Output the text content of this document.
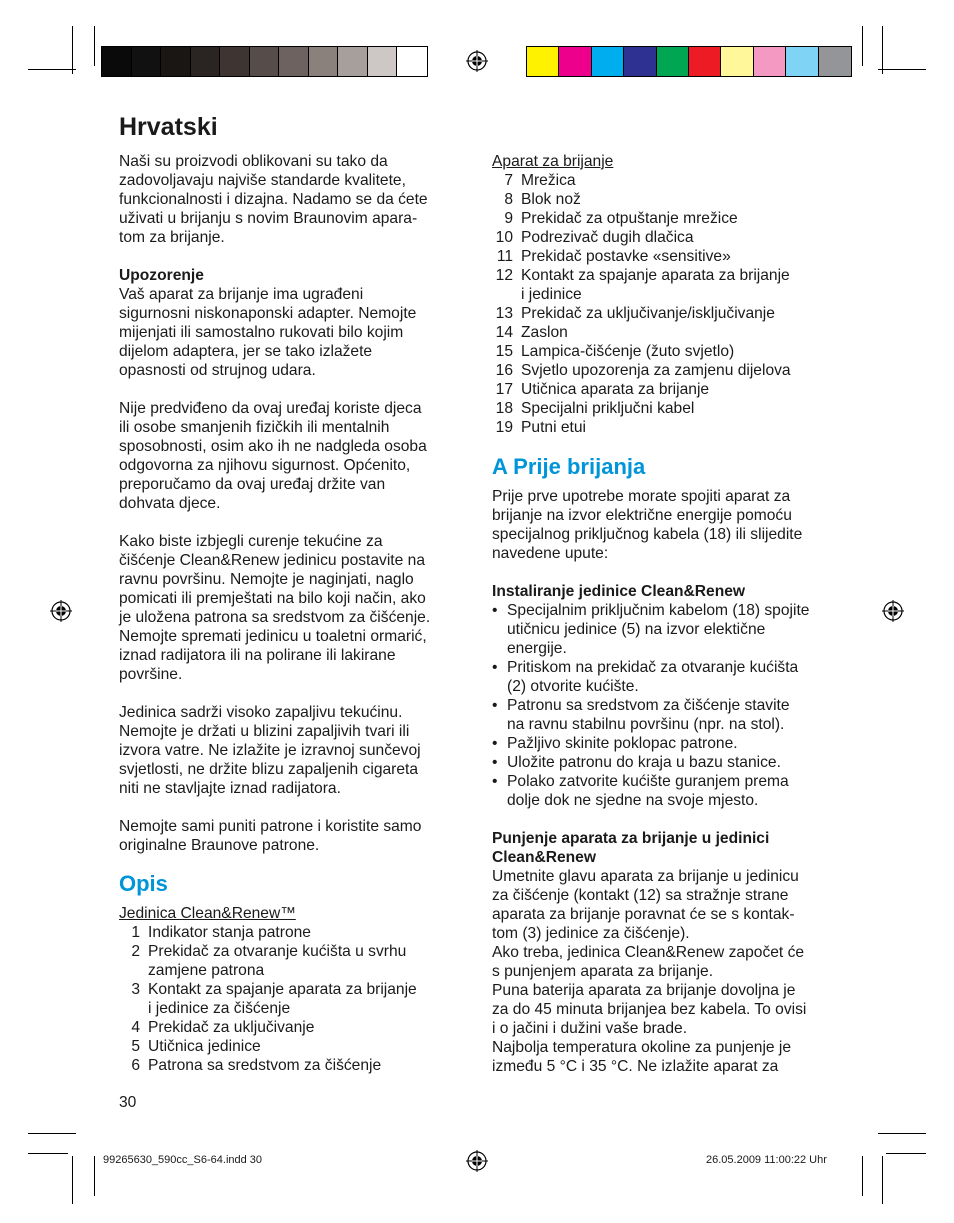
Hrvatski
Naši su proizvodi oblikovani su tako da
zadovoljavaju najviše standarde kvalitete,
funkcionalnosti i dizajna. Nadamo se da ćete
uživati u brijanju s novim Braunovim apara-
tom za brijanje.

Upozorenje

Vaš aparat za brijanje ima ugrađeni
sigurnosni niskonaponski adapter. Nemojte
mijenjati ili samostalno rukovati bilo kojim
dijelom adaptera, jer se tako izlažete
opasnosti od strujnog udara.
Nije predviđeno da ovaj uređaj koriste djeca
ili osobe smanjenih fizičkih ili mentalnih
sposobnosti, osim ako ih ne nadgleda osoba
odgovorna za njihovu sigurnost. Općenito,
preporučamo da ovaj uređaj držite van
dohvata djece.
Kako biste izbjegli curenje tekućine za
čišćenje Clean&Renew jedinicu postavite na
ravnu površinu. Nemojte je naginjati, naglo
pomicati ili premještati na bilo koji način, ako
je uložena patrona sa sredstvom za čišćenje.
Nemojte spremati jedinicu u toaletni ormarić,
iznad radijatora ili na polirane ili lakirane
površine.
Jedinica sadrži visoko zapaljivu tekućinu.
Nemojte je držati u blizini zapaljivih tvari ili
izvora vatre. Ne izlažite je izravnoj sunčevoj
svjetlosti, ne držite blizu zapaljenih cigareta
niti ne stavljajte iznad radijatora.
Nemojte sami puniti patrone i koristite samo
originalne Braunove patrone.
Opis

Jedinica Clean&Renew™

1 Indikator stanja patrone
2 Prekidač za otvaranje kućišta u svrhu
zamjene patrona
3 Kontakt za spajanje aparata za brijanje
i jedinice za čišćenje
4 Prekidač za uključivanje
5 Utičnica jedinice
6 Patrona sa sredstvom za čišćenje
30

Aparat za brijanje

7 Mrežica
8 Blok nož
9 Prekidač za otpuštanje mrežice
10 Podrezivač dugih dlačica
11 Prekidač postavke «sensitive»
12 Kontakt za spajanje aparata za brijanje
i jedinice
13 Prekidač za uključivanje/isključivanje
14 Zaslon
15 Lampica-čišćenje (žuto svjetlo)
16 Svjetlo upozorenja za zamjenu dijelova
17 Utičnica aparata za brijanje
18 Specijalni priključni kabel
19 Putni etui
A Prije brijanja
Prije prve upotrebe morate spojiti aparat za
brijanje na izvor električne energije pomoću
specijalnog priključnog kabela (18) ili slijedite
navedene upute:

Instaliranje jedinice Clean&Renew

• Specijalnim priključnim kabelom (18) spojite
utičnicu jedinice (5) na izvor elektične
energije.
• Pritiskom na prekidač za otvaranje kućišta
(2) otvorite kućište.
• Patronu sa sredstvom za čišćenje stavite
na ravnu stabilnu površinu (npr. na stol).
• Pažljivo skinite poklopac patrone.
• Uložite patronu do kraja u bazu stanice.
• Polako zatvorite kućište guranjem prema
dolje dok ne sjedne na svoje mjesto.
Punjenje aparata za brijanje u jedinici
Clean&Renew
Umetnite glavu aparata za brijanje u jedinicu
za čišćenje (kontakt (12) sa stražnje strane
aparata za brijanje poravnat će se s kontak-
tom (3) jedinice za čišćenje).
Ako treba, jedinica Clean&Renew započet će
s punjenjem aparata za brijanje.
Puna baterija aparata za brijanje dovoljna je
za do 45 minuta brijanjea bez kabela. To ovisi
i o jačini i dužini vaše brade.
Najbolja temperatura okoline za punjenje je
između 5 °C i 35 °C. Ne izlažite aparat za
99265630_590cc_S6-64.indd 30	26.05.2009 11:00:22 Uhr
